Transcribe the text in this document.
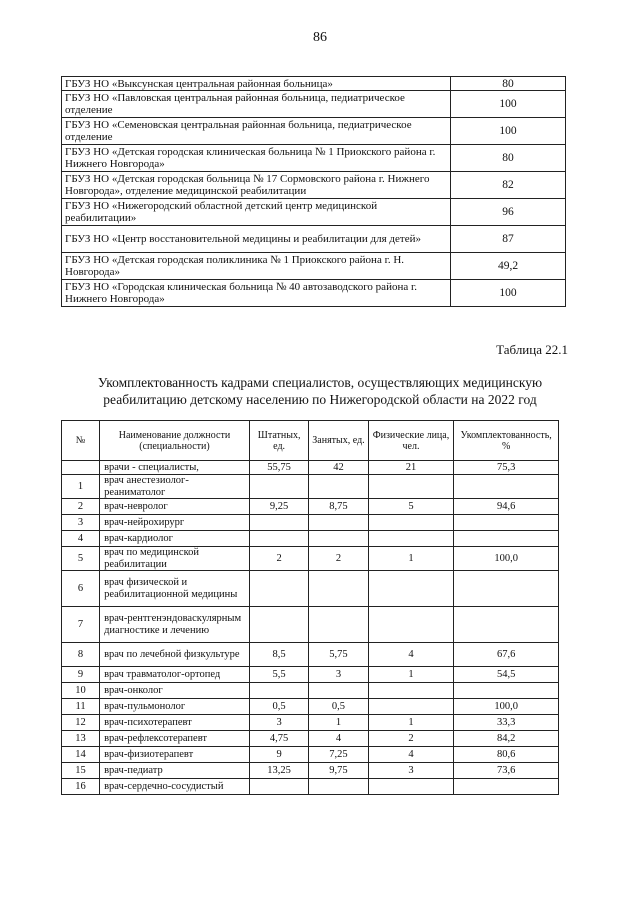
86
ГБУЗ НО «Выксунская центральная районная больница»	80
ГБУЗ НО «Павловская центральная районная больница, педиатрическое отделение	100
ГБУЗ НО «Семеновская центральная районная больница, педиатрическое отделение	100
ГБУЗ НО «Детская городская клиническая больница № 1 Приокского района г. Нижнего Новгорода»	80
ГБУЗ НО «Детская городская больница № 17 Сормовского района г. Нижнего Новгорода», отделение медицинской реабилитации	82
ГБУЗ НО «Нижегородский областной детский центр медицинской реабилитации»	96
ГБУЗ НО «Центр восстановительной медицины и реабилитации для детей»	87
ГБУЗ НО «Детская городская поликлиника № 1 Приокского района г. Н. Новгорода»	49,2
ГБУЗ НО «Городская клиническая больница № 40 автозаводского района г. Нижнего Новгорода»	100
Таблица 22.1
Укомплектованность кадрами специалистов, осуществляющих медицинскую реабилитацию детскому населению по Нижегородской области на 2022 год
№	Наименование должности (специальности)	Штатных, ед.	Занятых, ед.	Физические лица, чел.	Укомплектованность, %
	врачи - специалисты,	55,75	42	21	75,3
1	врач анестезиолог-реаниматолог				
2	врач-невролог	9,25	8,75	5	94,6
3	врач-нейрохирург				
4	врач-кардиолог				
5	врач по медицинской реабилитации	2	2	1	100,0
6	врач физической и реабилитационной медицины				
7	врач-рентгенэндоваскулярным диагностике и лечению				
8	врач по лечебной физкультуре	8,5	5,75	4	67,6
9	врач травматолог-ортопед	5,5	3	1	54,5
10	врач-онколог				
11	врач-пульмонолог	0,5	0,5		100,0
12	врач-психотерапевт	3	1	1	33,3
13	врач-рефлексотерапевт	4,75	4	2	84,2
14	врач-физиотерапевт	9	7,25	4	80,6
15	врач-педиатр	13,25	9,75	3	73,6
16	врач-сердечно-сосудистый				
